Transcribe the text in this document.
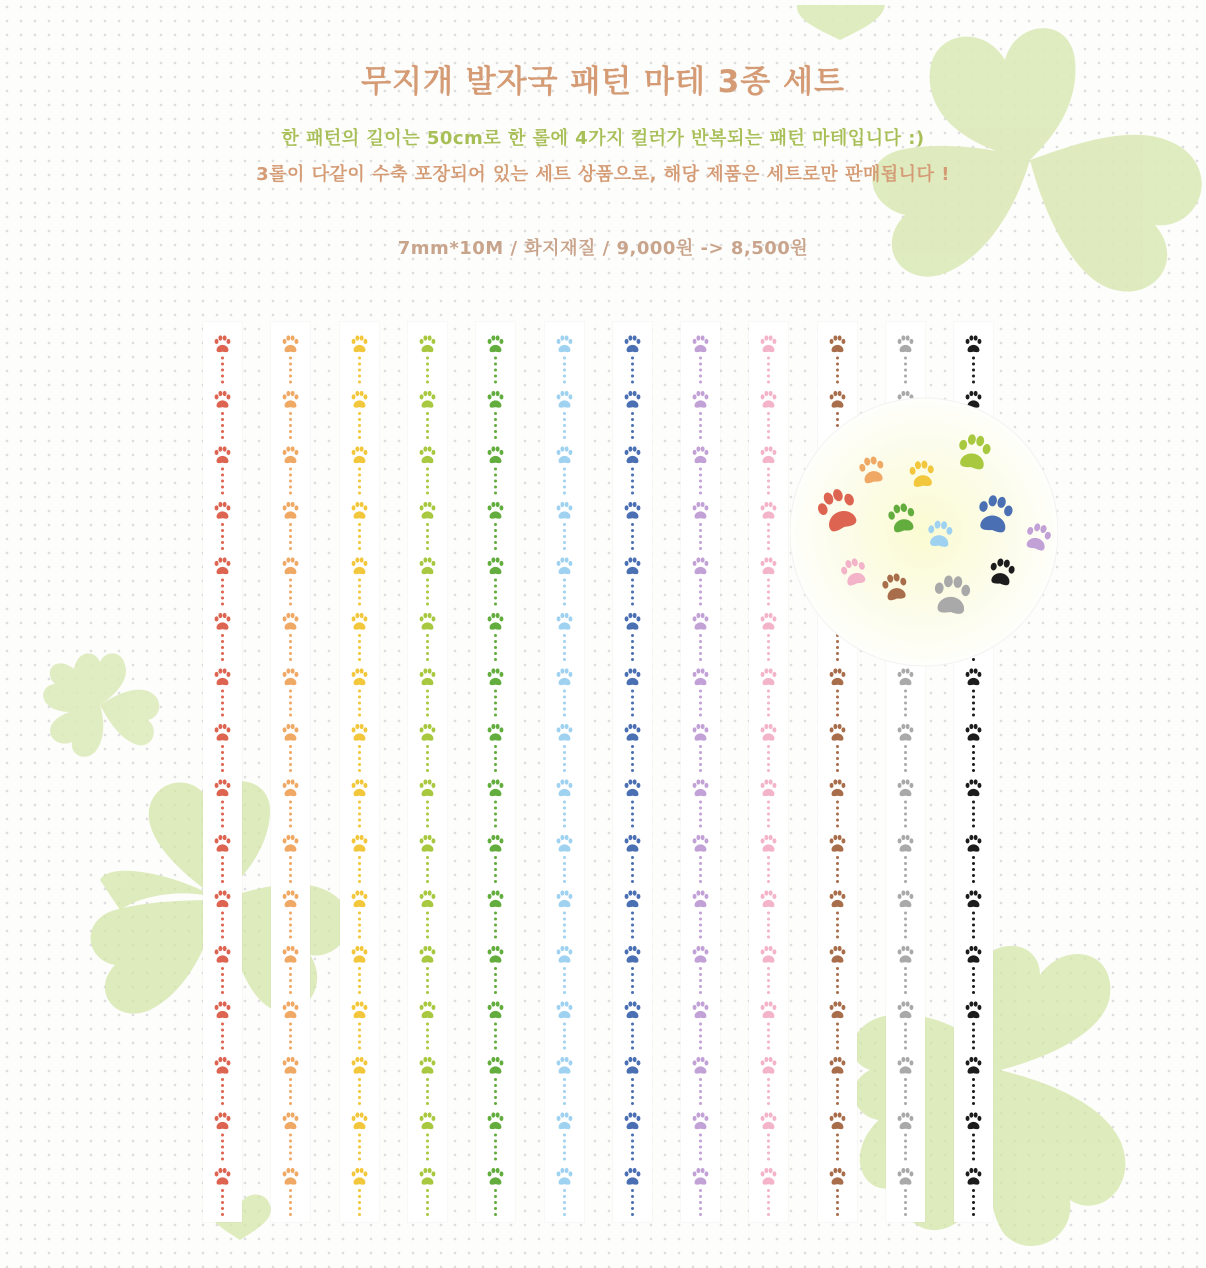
무지개 발자국 패턴 마테 3종 세트
한 패턴의 길이는 50cm로 한 롤에 4가지 컬러가 반복되는 패턴 마테입니다 :)
3롤이 다같이 수축 포장되어 있는 세트 상품으로, 해당 제품은 세트로만 판매됩니다 !
7mm*10M / 화지재질 / 9,000원 -> 8,500원
